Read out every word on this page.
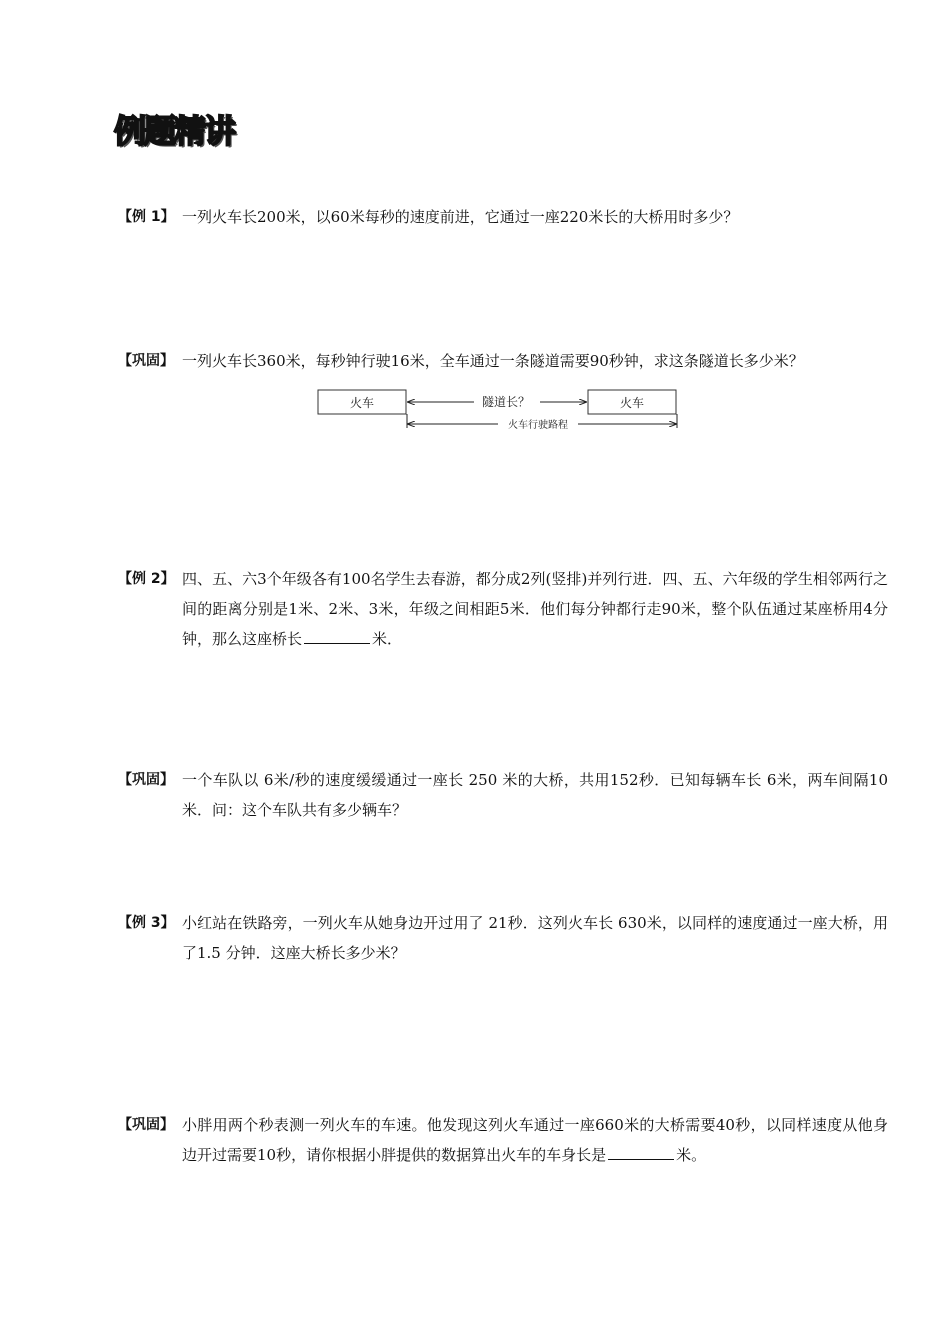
例题精讲
【例 1】 一列火车长200米，以60米每秒的速度前进，它通过一座220米长的大桥用时多少？
【巩固】 一列火车长360米，每秒钟行驶16米，全车通过一条隧道需要90秒钟，求这条隧道长多少米？
火车	火车
隧道长？
火车行驶路程
【例 2】 四、五、六3个年级各有100名学生去春游，都分成2列(竖排)并列行进．四、五、六年级的学生相邻两行之间的距离分别是1米、2米、3米，年级之间相距5米．他们每分钟都行走90米，整个队伍通过某座桥用4分钟，那么这座桥长	米．
【巩固】 一个车队以 6米/秒的速度缓缓通过一座长 250 米的大桥，共用152秒．已知每辆车长 6米，两车间隔10米．问：这个车队共有多少辆车？
【例 3】 小红站在铁路旁，一列火车从她身边开过用了 21秒．这列火车长 630米，以同样的速度通过一座大桥，用了1.5 分钟．这座大桥长多少米？
【巩固】 小胖用两个秒表测一列火车的车速。他发现这列火车通过一座660米的大桥需要40秒，以同样速度从他身边开过需要10秒，请你根据小胖提供的数据算出火车的车身长是	米。
